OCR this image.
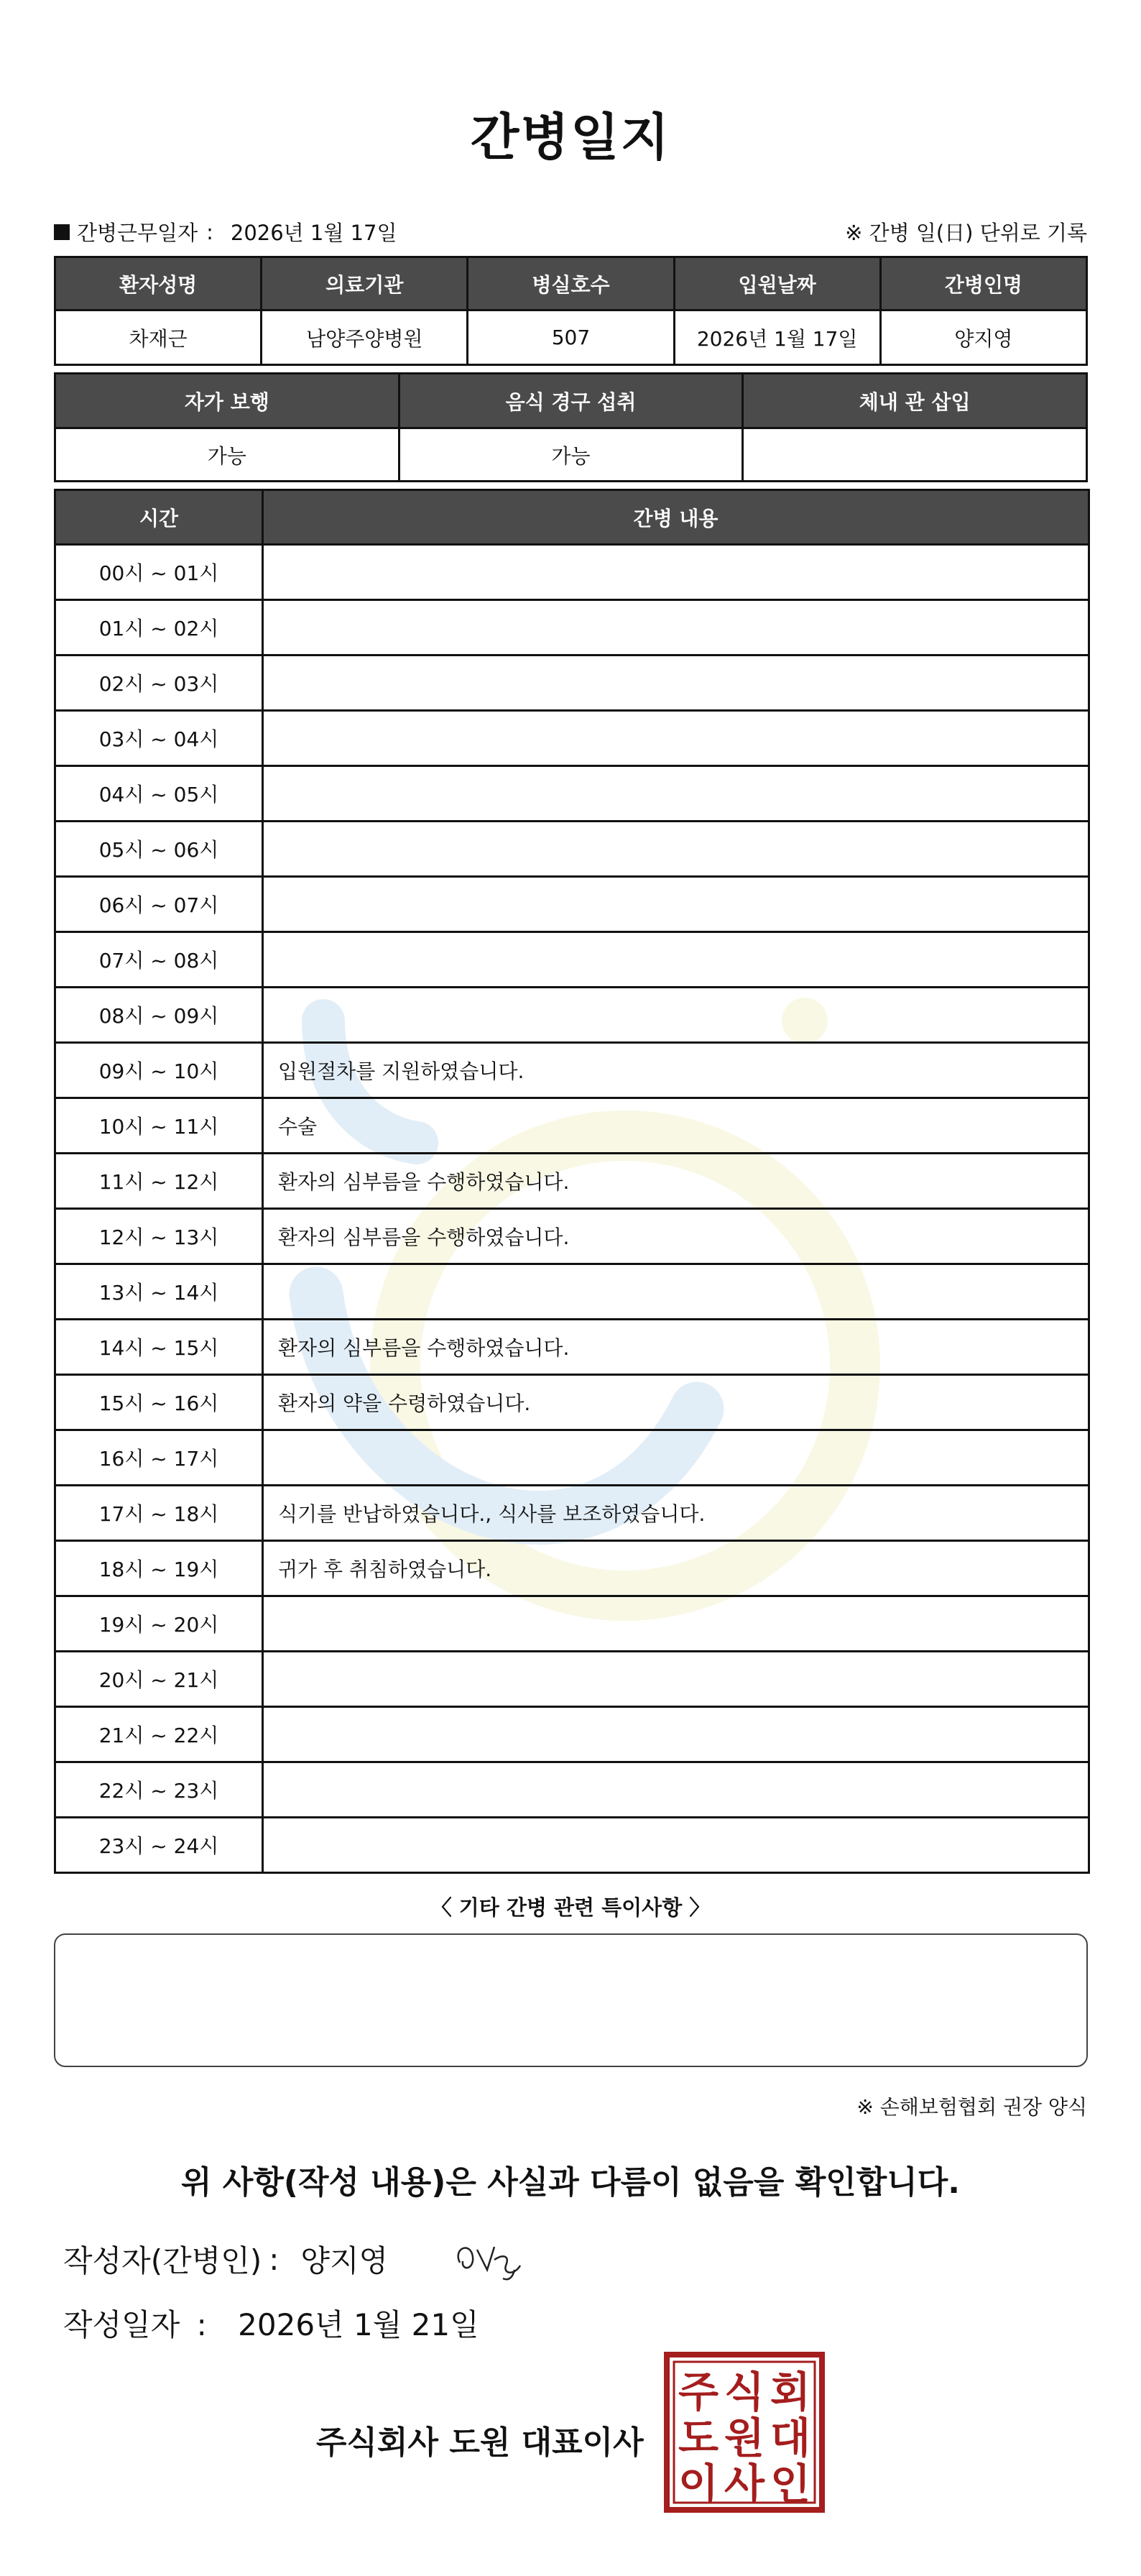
간병일지
간병근무일자 : 2026년 1월 17일	※ 간병 일(日) 단위로 기록
환자성명	의료기관	병실호수	입원날짜	간병인명
차재근	남양주양병원	507	2026년 1월 17일	양지영
자가 보행	음식 경구 섭취	체내 관 삽입
가능	가능	
시간	간병 내용
00시 ~ 01시	
01시 ~ 02시	
02시 ~ 03시	
03시 ~ 04시	
04시 ~ 05시	
05시 ~ 06시	
06시 ~ 07시	
07시 ~ 08시	
08시 ~ 09시	
09시 ~ 10시	입원절차를 지원하였습니다.
10시 ~ 11시	수술
11시 ~ 12시	환자의 심부름을 수행하였습니다.
12시 ~ 13시	환자의 심부름을 수행하였습니다.
13시 ~ 14시	
14시 ~ 15시	환자의 심부름을 수행하였습니다.
15시 ~ 16시	환자의 약을 수령하였습니다.
16시 ~ 17시	
17시 ~ 18시	식기를 반납하였습니다., 식사를 보조하였습니다.
18시 ~ 19시	귀가 후 취침하였습니다.
19시 ~ 20시	
20시 ~ 21시	
21시 ~ 22시	
22시 ~ 23시	
23시 ~ 24시	
〈 기타 간병 관련 특이사항 〉
※ 손해보험협회 권장 양식
위 사항(작성 내용)은 사실과 다름이 없음을 확인합니다.
작성자(간병인) : 양지영
작성일자 : 2026년 1월 21일
주식회사 도원 대표이사
주 식 회
도 원 대
이 사 인
